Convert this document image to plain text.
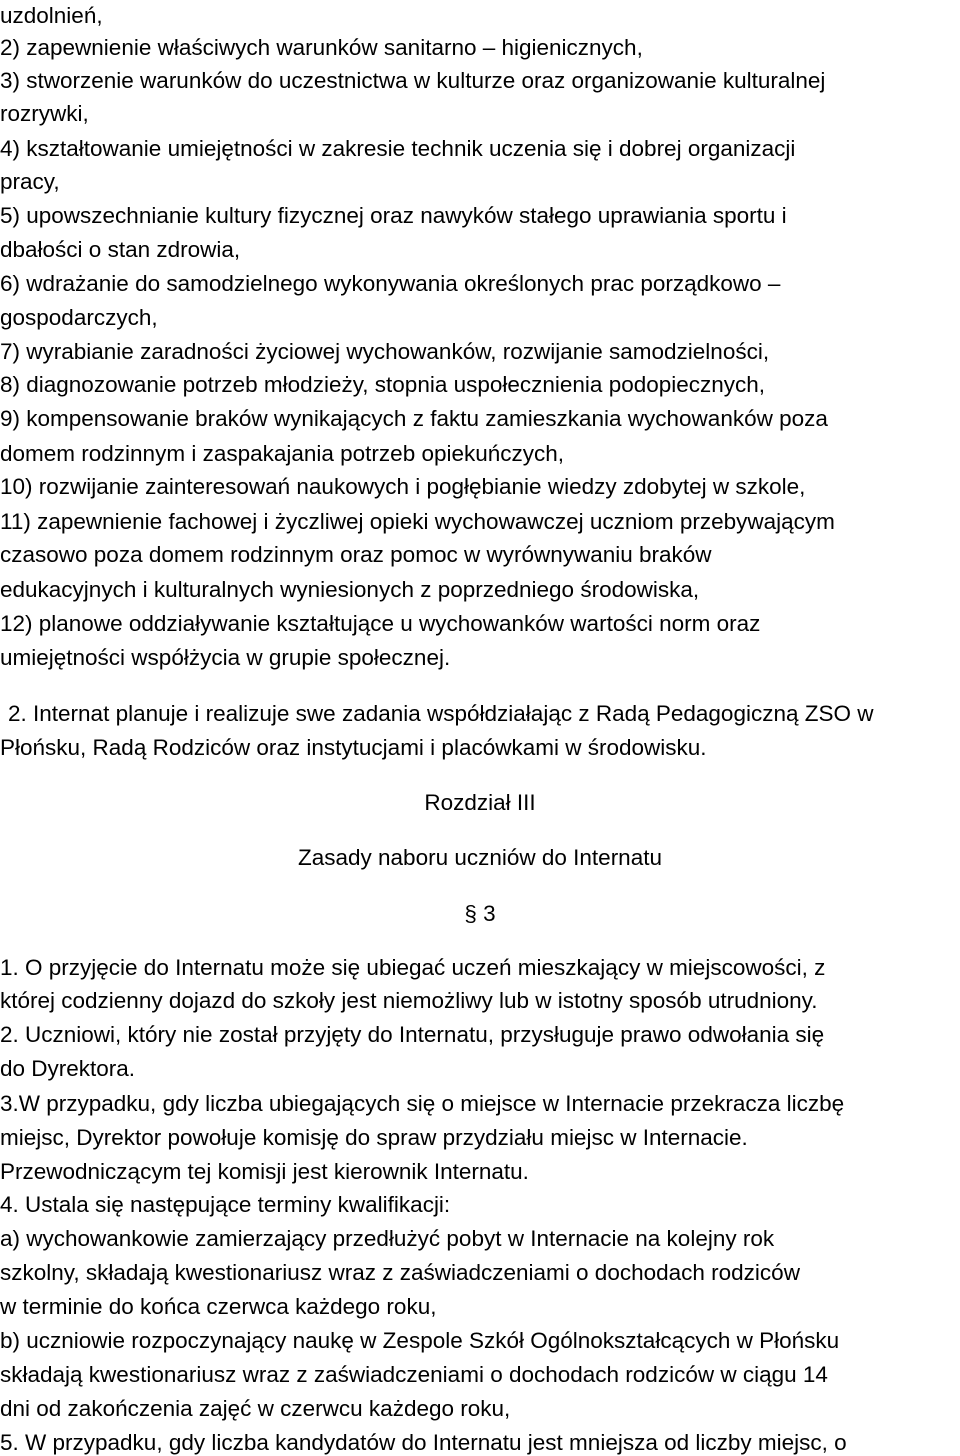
uzdolnień,
2) zapewnienie właściwych warunków sanitarno – higienicznych,
3) stworzenie warunków do uczestnictwa w kulturze oraz organizowanie kulturalnej
rozrywki,
4) kształtowanie umiejętności w zakresie technik uczenia się i dobrej organizacji
pracy,
5) upowszechnianie kultury fizycznej oraz nawyków stałego uprawiania sportu i
dbałości o stan zdrowia,
6) wdrażanie do samodzielnego wykonywania określonych prac porządkowo –
gospodarczych,
7) wyrabianie zaradności życiowej wychowanków, rozwijanie samodzielności,
8) diagnozowanie potrzeb młodzieży, stopnia uspołecznienia podopiecznych,
9) kompensowanie braków wynikających z faktu zamieszkania wychowanków poza
domem rodzinnym i zaspakajania potrzeb opiekuńczych,
10) rozwijanie zainteresowań naukowych i pogłębianie wiedzy zdobytej w szkole,
11) zapewnienie fachowej i życzliwej opieki wychowawczej uczniom przebywającym
czasowo poza domem rodzinnym oraz pomoc w wyrównywaniu braków
edukacyjnych i kulturalnych wyniesionych z poprzedniego środowiska,
12) planowe oddziaływanie kształtujące u wychowanków wartości norm oraz
umiejętności współżycia w grupie społecznej.
2. Internat planuje i realizuje swe zadania współdziałając z Radą Pedagogiczną ZSO w
Płońsku, Radą Rodziców oraz instytucjami i placówkami w środowisku.
Rozdział III
Zasady naboru uczniów do Internatu
§ 3
1. O przyjęcie do Internatu może się ubiegać uczeń mieszkający w miejscowości, z
której codzienny dojazd do szkoły jest niemożliwy lub w istotny sposób utrudniony.
2. Uczniowi, który nie został przyjęty do Internatu, przysługuje prawo odwołania się
do Dyrektora.
3.W przypadku, gdy liczba ubiegających się o miejsce w Internacie przekracza liczbę
miejsc, Dyrektor powołuje komisję do spraw przydziału miejsc w Internacie.
Przewodniczącym tej komisji jest kierownik Internatu.
4. Ustala się następujące terminy kwalifikacji:
a) wychowankowie zamierzający przedłużyć pobyt w Internacie na kolejny rok
szkolny, składają kwestionariusz wraz z zaświadczeniami o dochodach rodziców
w terminie do końca czerwca każdego roku,
b) uczniowie rozpoczynający naukę w Zespole Szkół Ogólnokształcących w Płońsku
składają kwestionariusz wraz z zaświadczeniami o dochodach rodziców w ciągu 14
dni od zakończenia zajęć w czerwcu każdego roku,
5. W przypadku, gdy liczba kandydatów do Internatu jest mniejsza od liczby miejsc, o
